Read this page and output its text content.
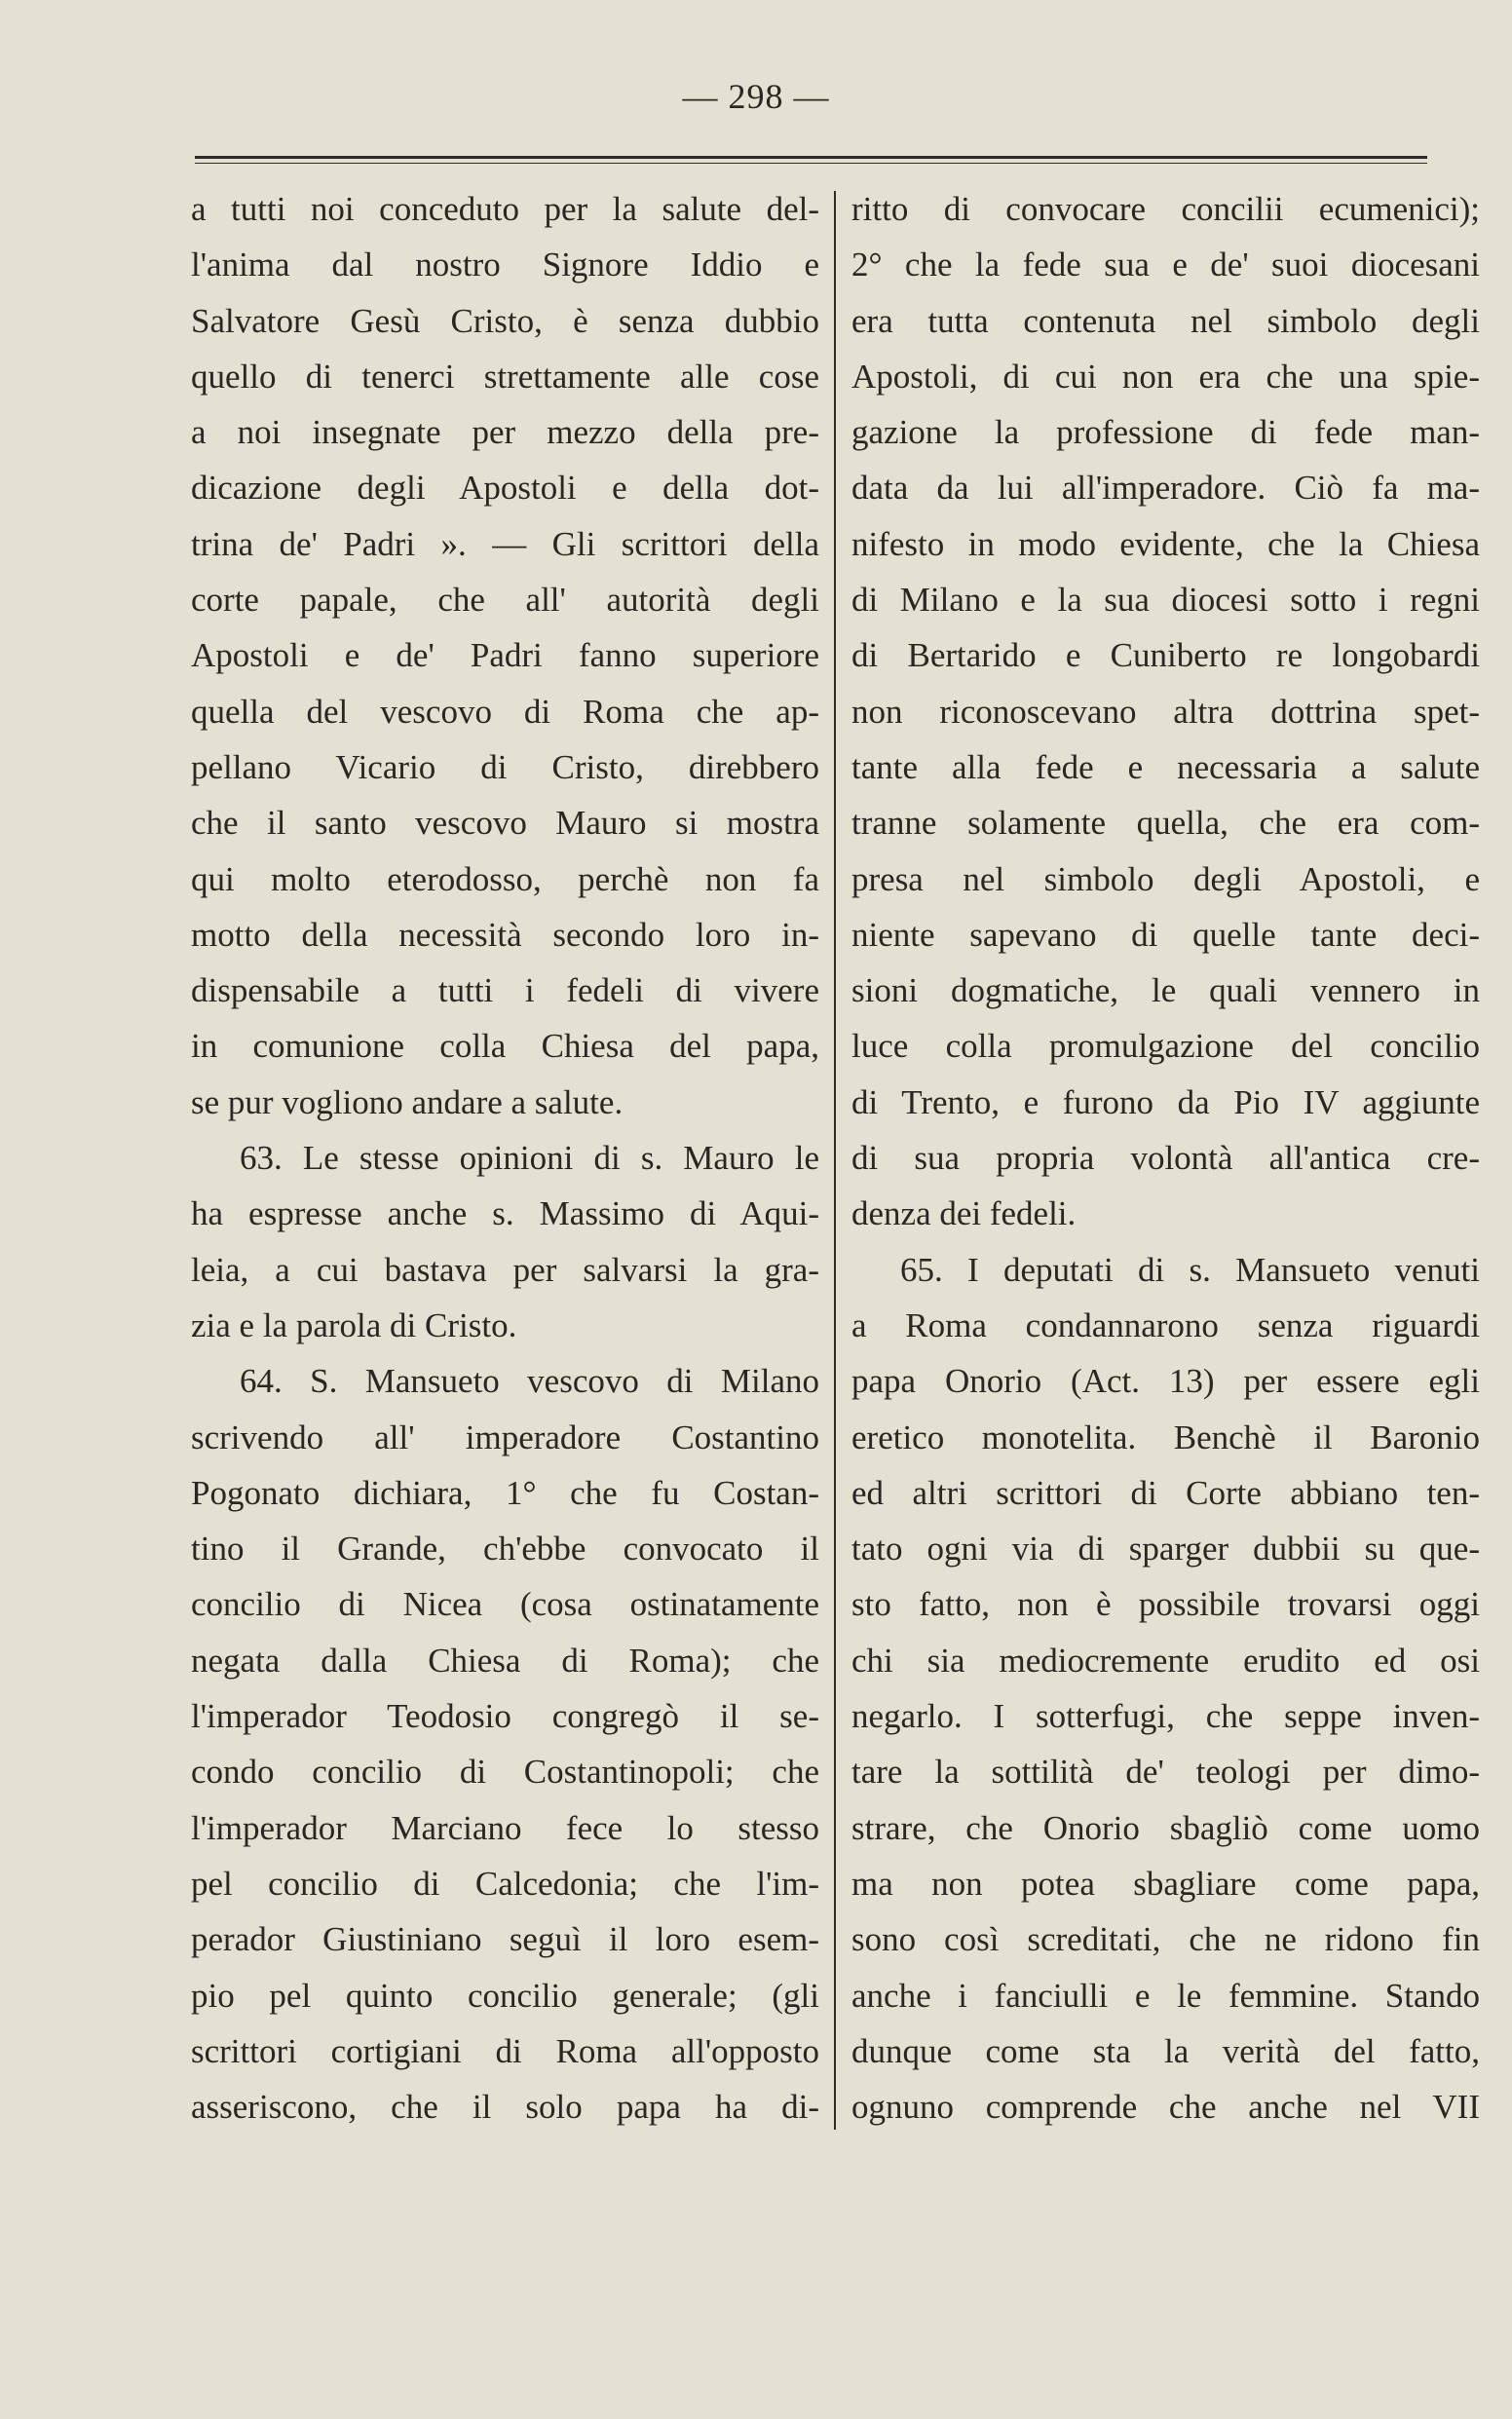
— 298 —
a tutti noi conceduto per la salute del-
l'anima dal nostro Signore Iddio e
Salvatore Gesù Cristo, è senza dubbio
quello di tenerci strettamente alle cose
a noi insegnate per mezzo della pre-
dicazione degli Apostoli e della dot-
trina de' Padri ». — Gli scrittori della
corte papale, che all' autorità degli
Apostoli e de' Padri fanno superiore
quella del vescovo di Roma che ap-
pellano Vicario di Cristo, direbbero
che il santo vescovo Mauro si mostra
qui molto eterodosso, perchè non fa
motto della necessità secondo loro in-
dispensabile a tutti i fedeli di vivere
in comunione colla Chiesa del papa,
se pur vogliono andare a salute.
63. Le stesse opinioni di s. Mauro le
ha espresse anche s. Massimo di Aqui-
leia, a cui bastava per salvarsi la gra-
zia e la parola di Cristo.
64. S. Mansueto vescovo di Milano
scrivendo all' imperadore Costantino
Pogonato dichiara, 1° che fu Costan-
tino il Grande, ch'ebbe convocato il
concilio di Nicea (cosa ostinatamente
negata dalla Chiesa di Roma); che
l'imperador Teodosio congregò il se-
condo concilio di Costantinopoli; che
l'imperador Marciano fece lo stesso
pel concilio di Calcedonia; che l'im-
perador Giustiniano seguì il loro esem-
pio pel quinto concilio generale; (gli
scrittori cortigiani di Roma all'opposto
asseriscono, che il solo papa ha di-
ritto di convocare concilii ecumenici);
2° che la fede sua e de' suoi diocesani
era tutta contenuta nel simbolo degli
Apostoli, di cui non era che una spie-
gazione la professione di fede man-
data da lui all'imperadore. Ciò fa ma-
nifesto in modo evidente, che la Chiesa
di Milano e la sua diocesi sotto i regni
di Bertarido e Cuniberto re longobardi
non riconoscevano altra dottrina spet-
tante alla fede e necessaria a salute
tranne solamente quella, che era com-
presa nel simbolo degli Apostoli, e
niente sapevano di quelle tante deci-
sioni dogmatiche, le quali vennero in
luce colla promulgazione del concilio
di Trento, e furono da Pio IV aggiunte
di sua propria volontà all'antica cre-
denza dei fedeli.
65. I deputati di s. Mansueto venuti
a Roma condannarono senza riguardi
papa Onorio (Act. 13) per essere egli
eretico monotelita. Benchè il Baronio
ed altri scrittori di Corte abbiano ten-
tato ogni via di sparger dubbii su que-
sto fatto, non è possibile trovarsi oggi
chi sia mediocremente erudito ed osi
negarlo. I sotterfugi, che seppe inven-
tare la sottilità de' teologi per dimo-
strare, che Onorio sbagliò come uomo
ma non potea sbagliare come papa,
sono così screditati, che ne ridono fin
anche i fanciulli e le femmine. Stando
dunque come sta la verità del fatto,
ognuno comprende che anche nel VII
